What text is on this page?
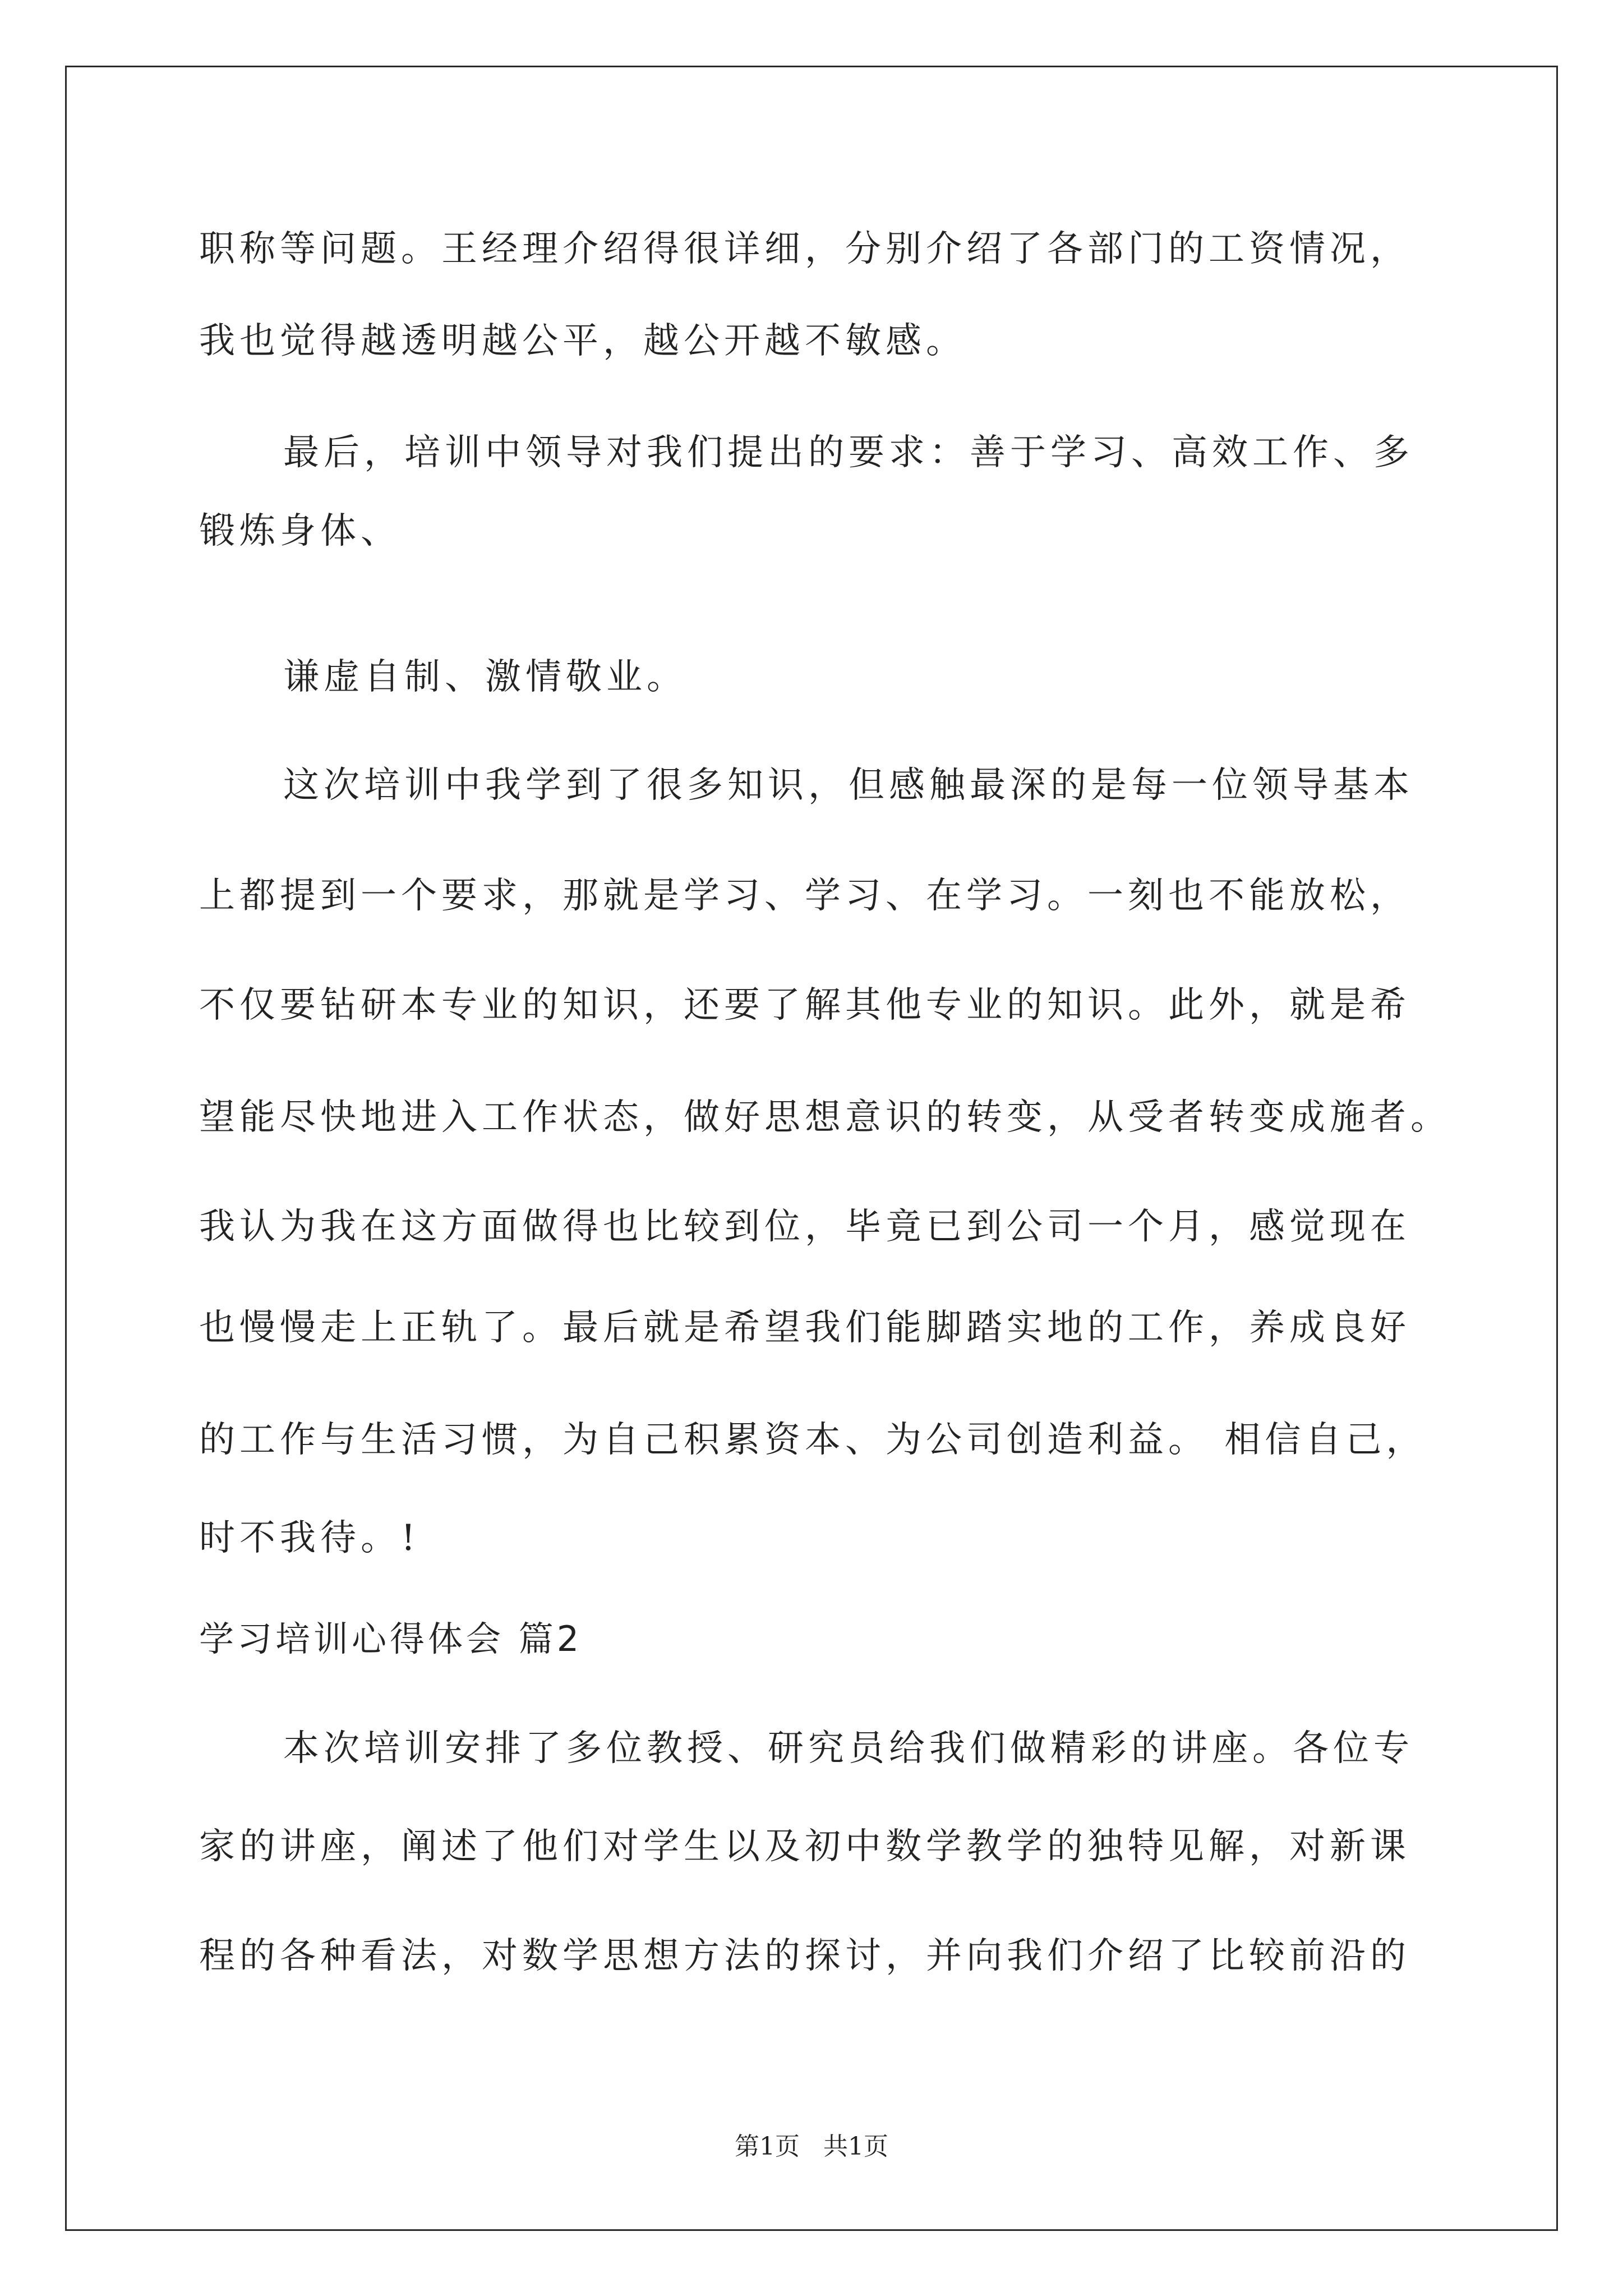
职称等问题。王经理介绍得很详细，分别介绍了各部门的工资情况，
我也觉得越透明越公平，越公开越不敏感。
最后，培训中领导对我们提出的要求：善于学习、高效工作、多
锻炼身体、
谦虚自制、激情敬业。
这次培训中我学到了很多知识，但感触最深的是每一位领导基本
上都提到一个要求，那就是学习、学习、在学习。一刻也不能放松，
不仅要钻研本专业的知识，还要了解其他专业的知识。此外，就是希
望能尽快地进入工作状态，做好思想意识的转变，从受者转变成施者。
我认为我在这方面做得也比较到位，毕竟已到公司一个月，感觉现在
也慢慢走上正轨了。最后就是希望我们能脚踏实地的工作，养成良好
的工作与生活习惯，为自己积累资本、为公司创造利益。 相信自己，
时不我待。!
学习培训心得体会 篇2
本次培训安排了多位教授、研究员给我们做精彩的讲座。各位专
家的讲座，阐述了他们对学生以及初中数学教学的独特见解，对新课
程的各种看法，对数学思想方法的探讨，并向我们介绍了比较前沿的
第1页   共1页
